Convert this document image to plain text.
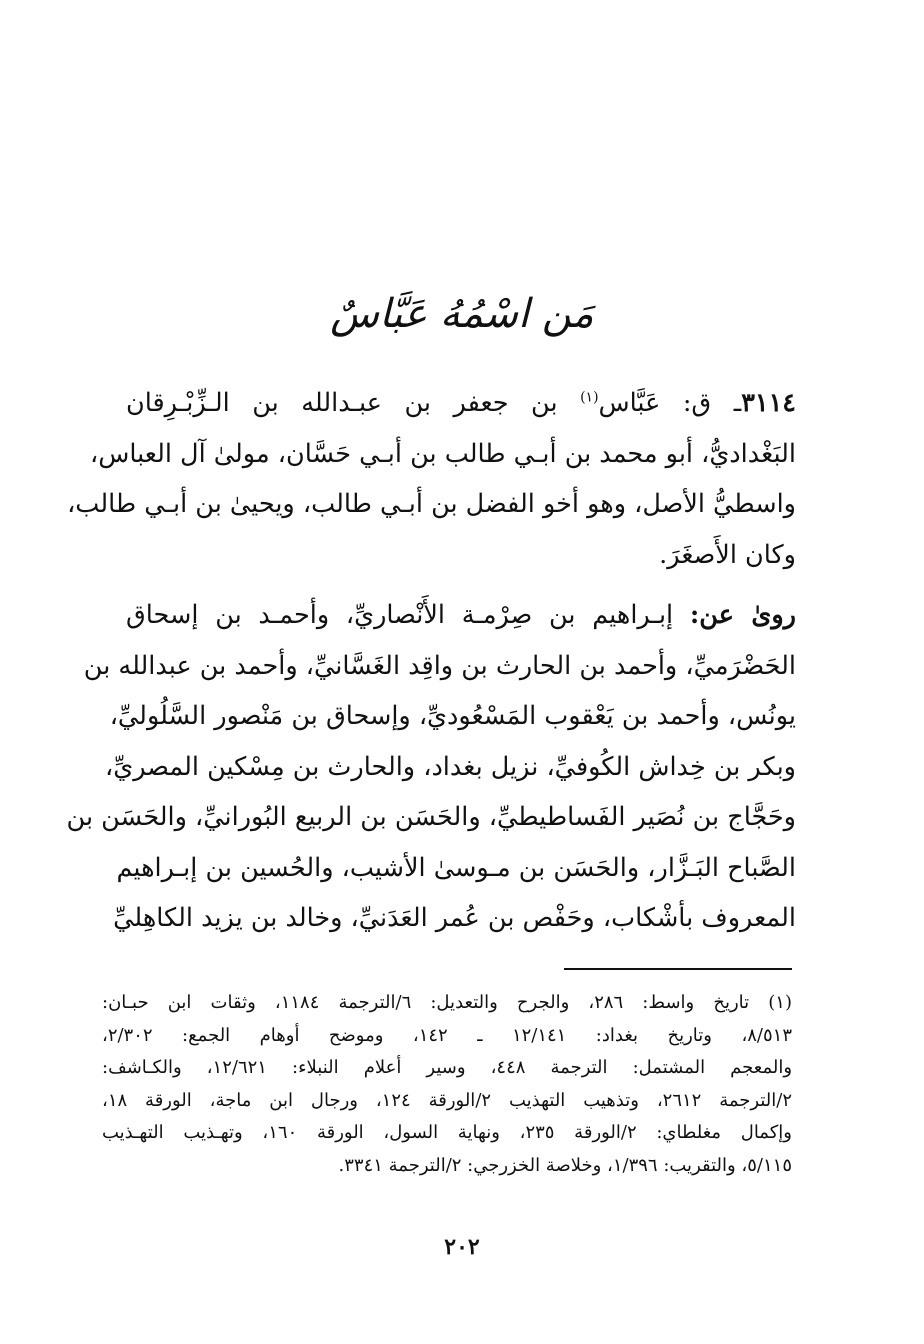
مَن اسْمُهُ عَبَّاسٌ
٣١١٤ـ ق: عَبَّاس$^{(١)}$ بن جعفر بن عبـدالله بن الـزِّبْـرِقان
البَغْداديُّ، أبو محمد بن أبـي طالب بن أبـي حَسَّان، مولىٰ آل العباس،
واسطيُّ الأصل، وهو أخو الفضل بن أبـي طالب، ويحيىٰ بن أبـي طالب،
وكان الأَصغَرَ.
روىٰ عن: إبـراهيم بن صِرْمـة الأَنْصاريِّ، وأحمـد بن إسحاق
الحَضْرَميِّ، وأحمد بن الحارث بن واقِد الغَسَّانيِّ، وأحمد بن عبدالله بن
يونُس، وأحمد بن يَعْقوب المَسْعُوديِّ، وإسحاق بن مَنْصور السَّلُوليِّ،
وبكر بن خِداش الكُوفيِّ، نزيل بغداد، والحارث بن مِسْكين المصريِّ،
وحَجَّاج بن نُصَير الفَساطيطيِّ، والحَسَن بن الربيع البُورانيِّ، والحَسَن بن
الصَّباح البَـزَّار، والحَسَن بن مـوسىٰ الأشيب، والحُسين بن إبـراهيم
المعروف بأشْكاب، وحَفْص بن عُمر العَدَنيِّ، وخالد بن يزيد الكاهِليِّ
(١) تاريخ واسط: ٢٨٦، والجرح والتعديل: ٦/الترجمة ١١٨٤، وثقات ابن حبـان:
٨/٥١٣، وتاريخ بغداد: ١٢/١٤١ ـ ١٤٢، وموضح أوهام الجمع: ٢/٣٠٢،
والمعجم المشتمل: الترجمة ٤٤٨، وسير أعلام النبلاء: ١٢/٦٢١، والكـاشف:
٢/الترجمة ٢٦١٢، وتذهيب التهذيب ٢/الورقة ١٢٤، ورجال ابن ماجة، الورقة ١٨،
وإكمال مغلطاي: ٢/الورقة ٢٣٥، ونهاية السول، الورقة ١٦٠، وتهـذيب التهـذيب
٥/١١٥، والتقريب: ١/٣٩٦، وخلاصة الخزرجي: ٢/الترجمة ٣٣٤١.
٢٠٢
